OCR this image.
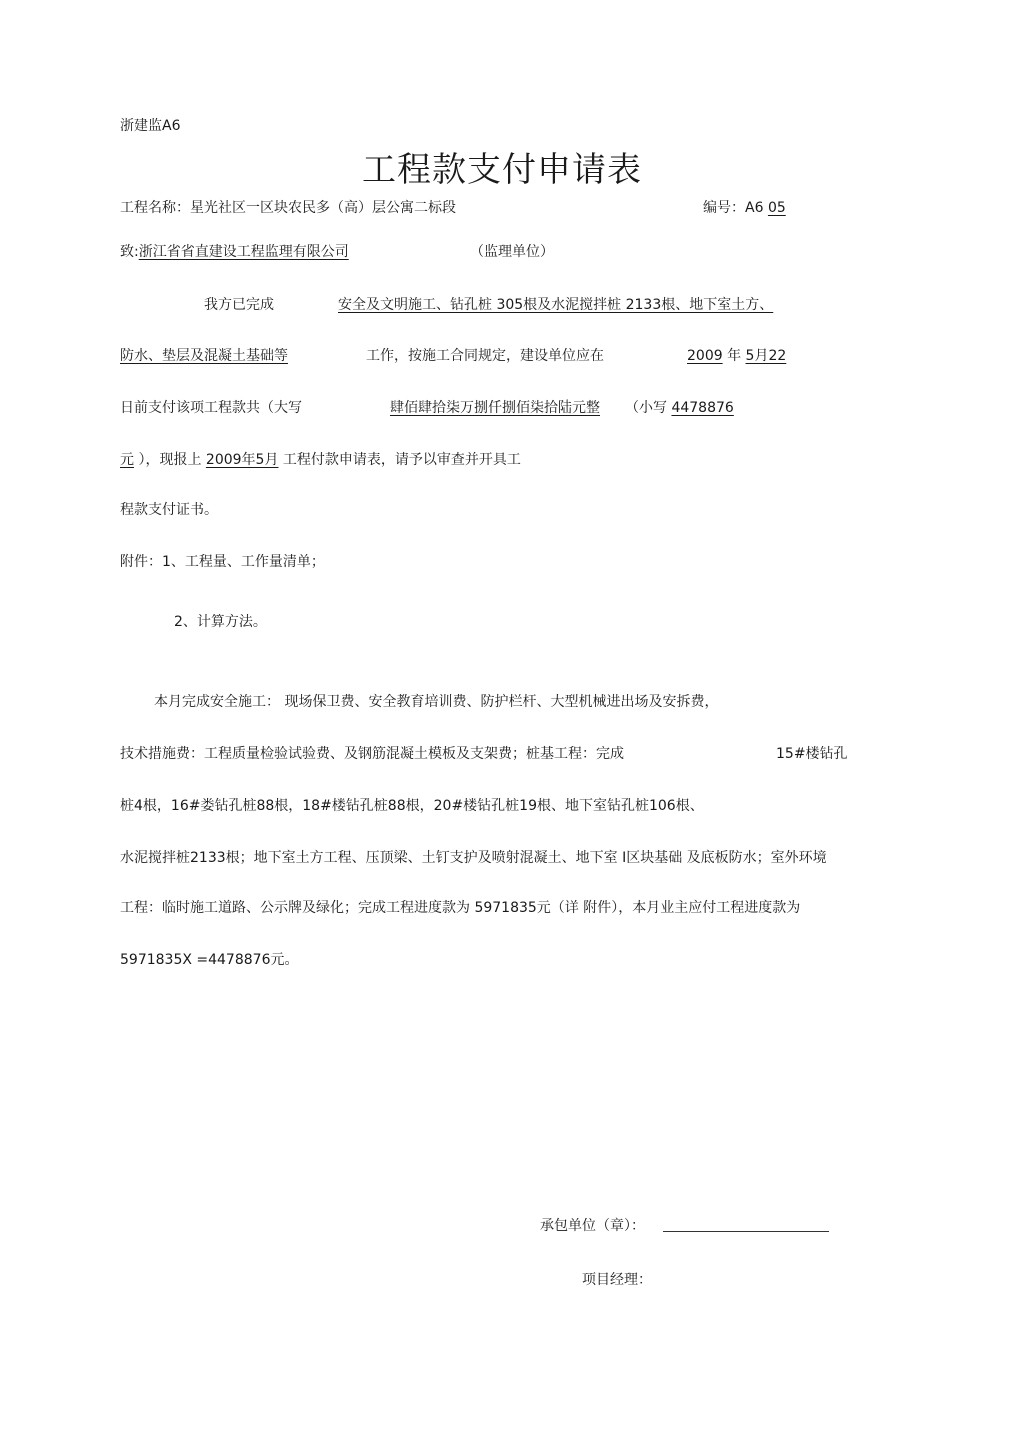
浙建监A6
工程款支付申请表
工程名称：星光社区一区块农民多（高）层公寓二标段	编号：A6 05
致:浙江省省直建设工程监理有限公司	（监理单位）
我方已完成	安全及文明施工、钻孔桩 305根及水泥搅拌桩 2133根、地下室土方、
防水、垫层及混凝土基础等	工作，按施工合同规定，建设单位应在	2009 年 5月22
日前支付该项工程款共（大写	肆佰肆拾柒万捌仟捌佰柒拾陆元整 （小写 4478876
元 ），现报上 2009年5月 工程付款申请表，请予以审查并开具工
程款支付证书。
附件：1、工程量、工作量清单；
2、计算方法。
本月完成安全施工： 现场保卫费、安全教育培训费、防护栏杆、大型机械进出场及安拆费，
技术措施费：工程质量检验试验费、及钢筋混凝土模板及支架费；桩基工程：完成	15#楼钻孔
桩4根，16#娄钻孔桩88根，18#楼钻孔桩88根，20#楼钻孔桩19根、地下室钻孔桩106根、
水泥搅拌桩2133根；地下室土方工程、压顶梁、土钉支护及喷射混凝土、地下室 I区块基础 及底板防水；室外环境
工程：临时施工道路、公示牌及绿化；完成工程进度款为 5971835元（详 附件），本月业主应付工程进度款为
5971835X =4478876元。
承包单位（章）：
项目经理：
